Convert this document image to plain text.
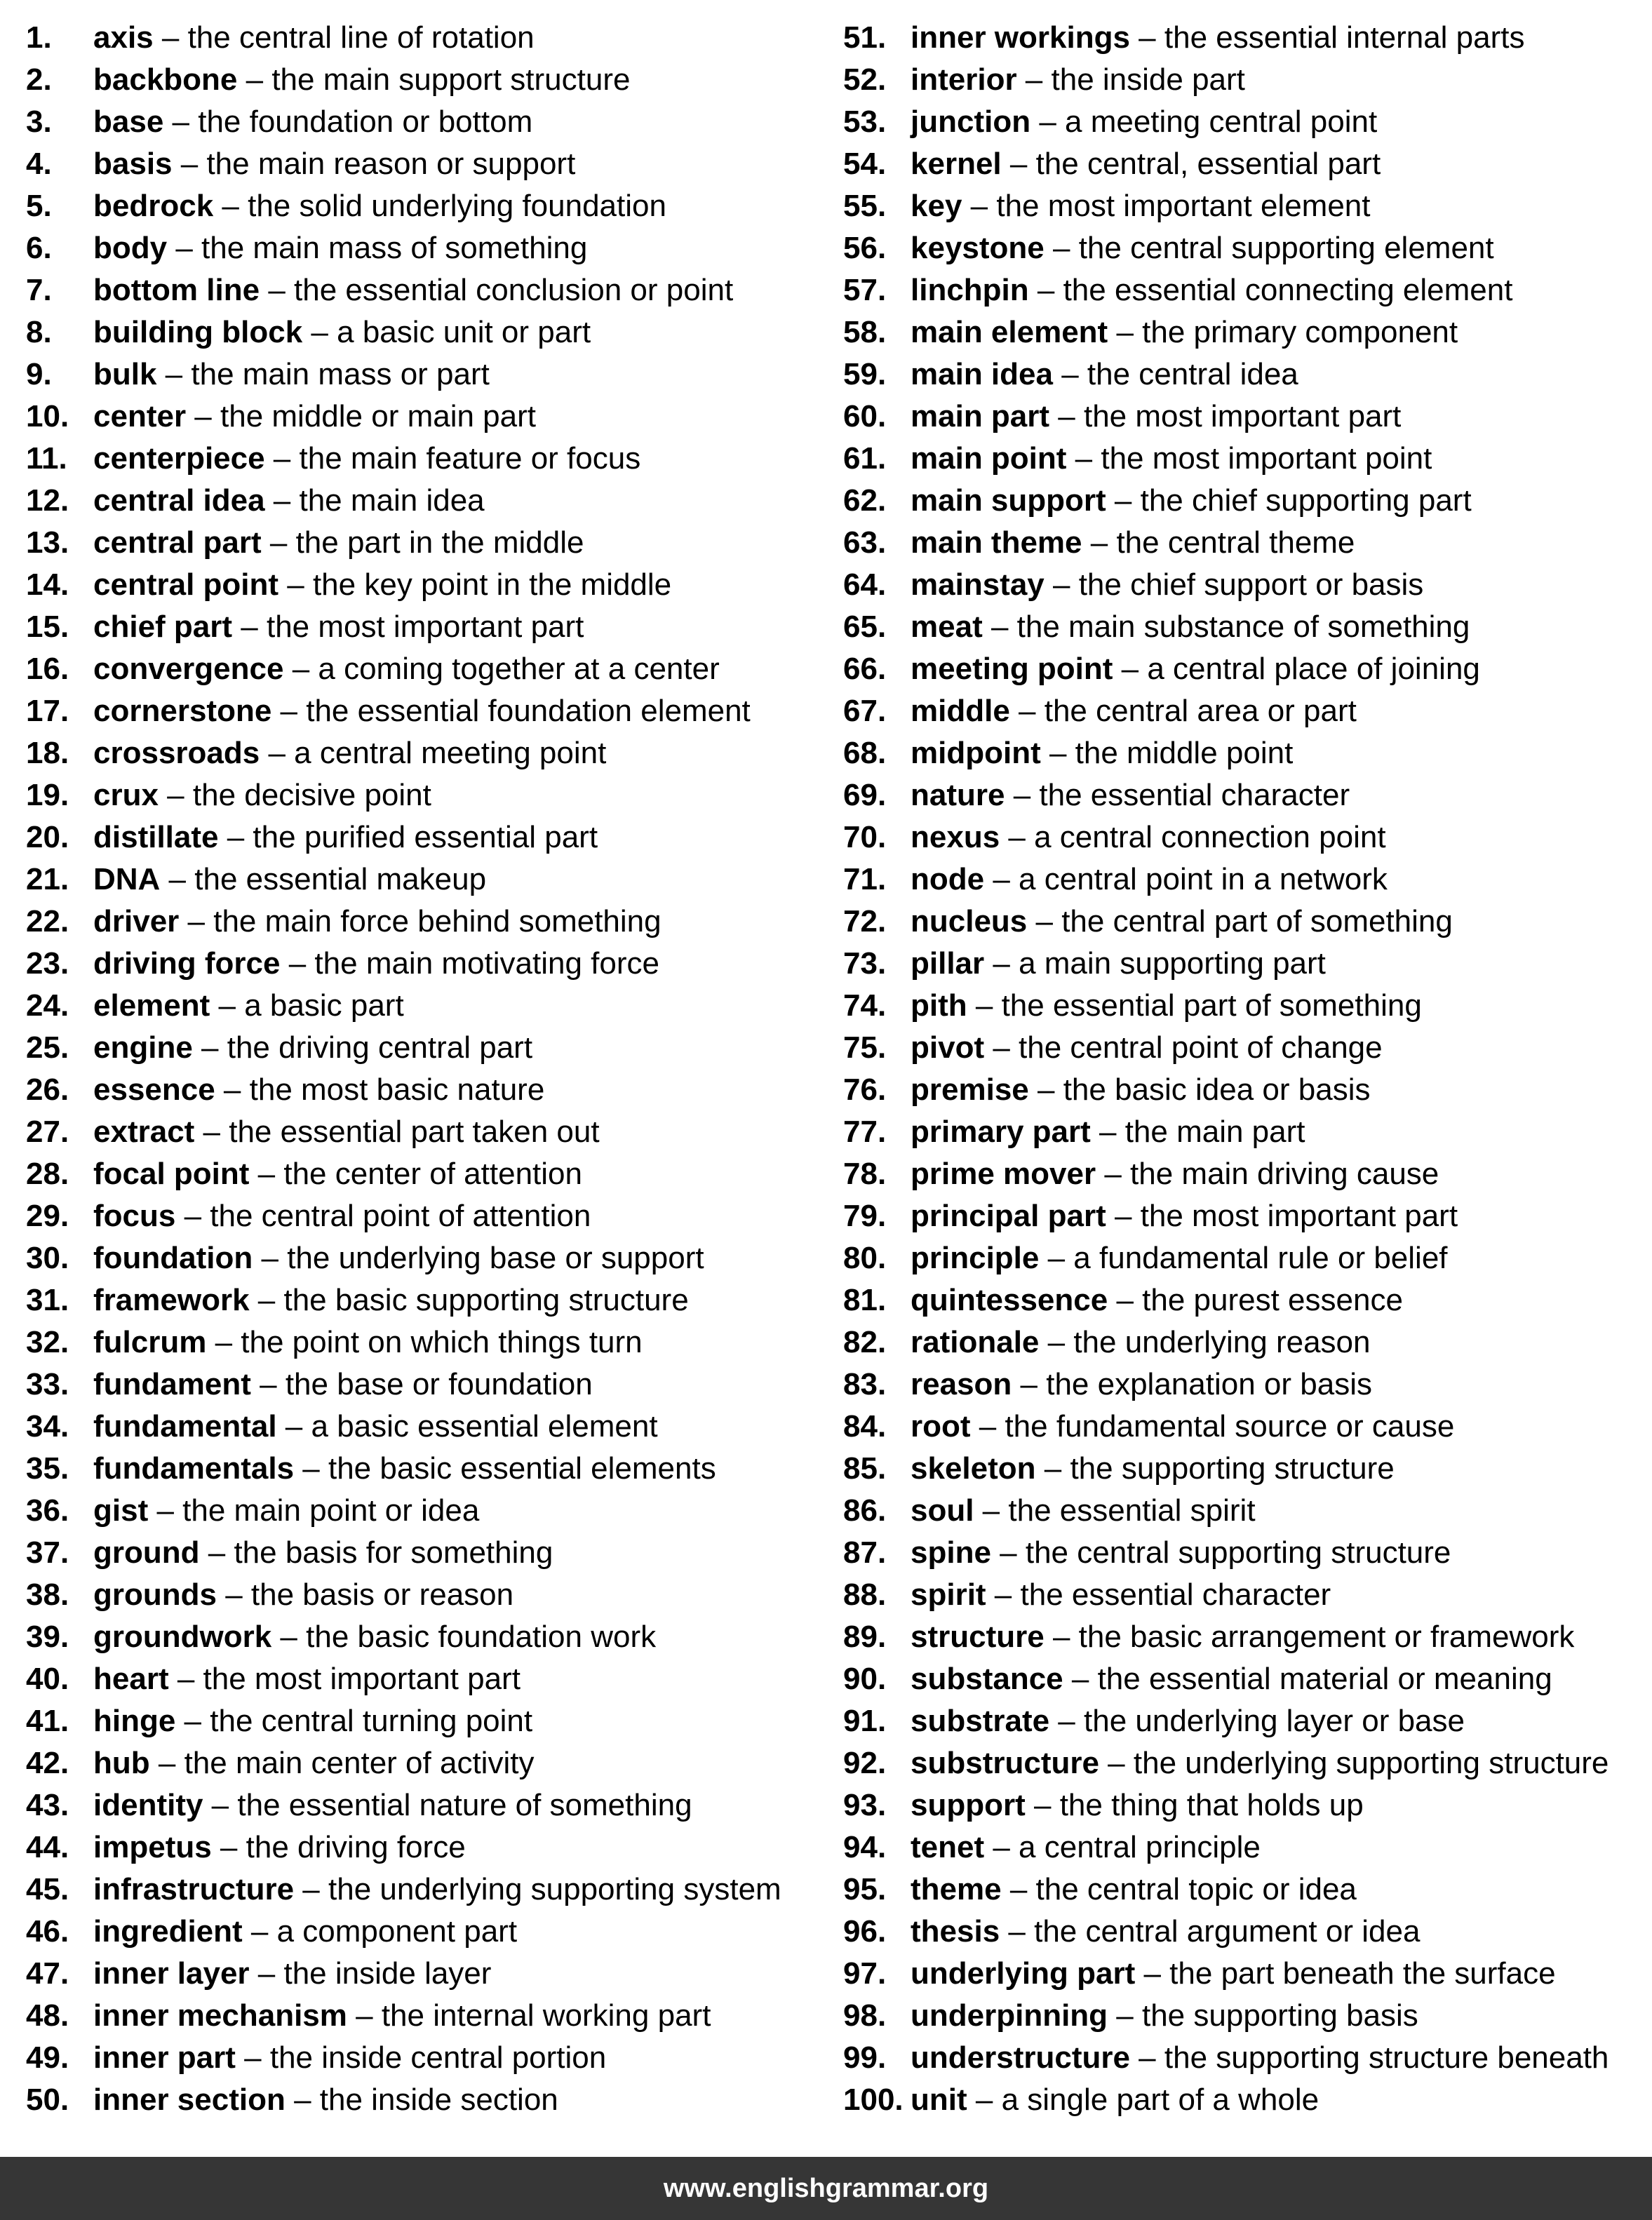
1.	axis – the central line of rotation
2.	backbone – the main support structure
3.	base – the foundation or bottom
4.	basis – the main reason or support
5.	bedrock – the solid underlying foundation
6.	body – the main mass of something
7.	bottom line – the essential conclusion or point
8.	building block – a basic unit or part
9.	bulk – the main mass or part
10. center – the middle or main part
11. centerpiece – the main feature or focus
12. central idea – the main idea
13. central part – the part in the middle
14. central point – the key point in the middle
15. chief part – the most important part
16. convergence – a coming together at a center
17. cornerstone – the essential foundation element
18. crossroads – a central meeting point
19. crux – the decisive point
20. distillate – the purified essential part
21. DNA – the essential makeup
22. driver – the main force behind something
23. driving force – the main motivating force
24. element – a basic part
25. engine – the driving central part
26. essence – the most basic nature
27. extract – the essential part taken out
28. focal point – the center of attention
29. focus – the central point of attention
30. foundation – the underlying base or support
31. framework – the basic supporting structure
32. fulcrum – the point on which things turn
33. fundament – the base or foundation
34. fundamental – a basic essential element
35. fundamentals – the basic essential elements
36. gist – the main point or idea
37. ground – the basis for something
38. grounds – the basis or reason
39. groundwork – the basic foundation work
40. heart – the most important part
41. hinge – the central turning point
42. hub – the main center of activity
43. identity – the essential nature of something
44. impetus – the driving force
45. infrastructure – the underlying supporting system
46. ingredient – a component part
47. inner layer – the inside layer
48. inner mechanism – the internal working part
49. inner part – the inside central portion
50. inner section – the inside section
51. inner workings – the essential internal parts
52. interior – the inside part
53. junction – a meeting central point
54. kernel – the central, essential part
55. key – the most important element
56. keystone – the central supporting element
57. linchpin – the essential connecting element
58. main element – the primary component
59. main idea – the central idea
60. main part – the most important part
61. main point – the most important point
62. main support – the chief supporting part
63. main theme – the central theme
64. mainstay – the chief support or basis
65. meat – the main substance of something
66. meeting point – a central place of joining
67. middle – the central area or part
68. midpoint – the middle point
69. nature – the essential character
70. nexus – a central connection point
71. node – a central point in a network
72. nucleus – the central part of something
73. pillar – a main supporting part
74. pith – the essential part of something
75. pivot – the central point of change
76. premise – the basic idea or basis
77. primary part – the main part
78. prime mover – the main driving cause
79. principal part – the most important part
80. principle – a fundamental rule or belief
81. quintessence – the purest essence
82. rationale – the underlying reason
83. reason – the explanation or basis
84. root – the fundamental source or cause
85. skeleton – the supporting structure
86. soul – the essential spirit
87. spine – the central supporting structure
88. spirit – the essential character
89. structure – the basic arrangement or framework
90. substance – the essential material or meaning
91. substrate – the underlying layer or base
92. substructure – the underlying supporting structure
93. support – the thing that holds up
94. tenet – a central principle
95. theme – the central topic or idea
96. thesis – the central argument or idea
97. underlying part – the part beneath the surface
98. underpinning – the supporting basis
99. understructure – the supporting structure beneath
100. unit – a single part of a whole
www.englishgrammar.org
